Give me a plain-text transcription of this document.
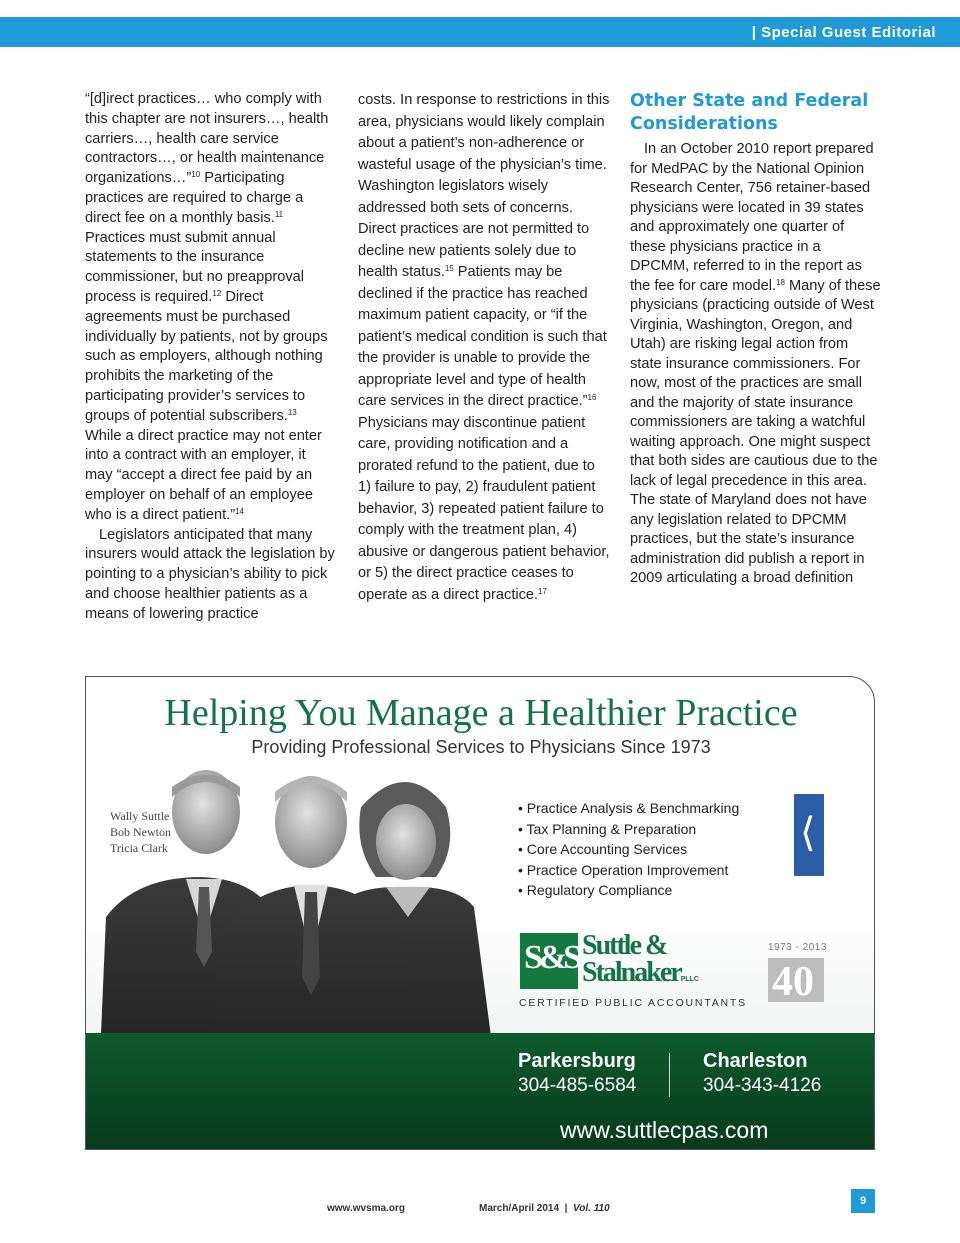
| Special Guest Editorial

“[d]irect practices… who comply with this chapter are not insurers…, health carriers…, health care service contractors…, or health maintenance organizations…”$^{10}$ Participating practices are required to charge a direct fee on a monthly basis.$^{11}$ Practices must submit annual statements to the insurance commissioner, but no preapproval process is required.$^{12}$ Direct agreements must be purchased individually by patients, not by groups such as employers, although nothing prohibits the marketing of the participating provider’s services to groups of potential subscribers.$^{13}$ While a direct practice may not enter into a contract with an employer, it may “accept a direct fee paid by an employer on behalf of an employee who is a direct patient.”$^{14}$

Legislators anticipated that many insurers would attack the legislation by pointing to a physician’s ability to pick and choose healthier patients as a means of lowering practice

costs. In response to restrictions in this area, physicians would likely complain about a patient’s non-adherence or wasteful usage of the physician’s time. Washington legislators wisely addressed both sets of concerns. Direct practices are not permitted to decline new patients solely due to health status.$^{15}$ Patients may be declined if the practice has reached maximum patient capacity, or “if the patient’s medical condition is such that the provider is unable to provide the appropriate level and type of health care services in the direct practice.”$^{16}$ Physicians may discontinue patient care, providing notification and a prorated refund to the patient, due to 1) failure to pay, 2) fraudulent patient behavior, 3) repeated patient failure to comply with the treatment plan, 4) abusive or dangerous patient behavior, or 5) the direct practice ceases to operate as a direct practice.$^{17}$

Other State and Federal Considerations

In an October 2010 report prepared for MedPAC by the National Opinion Research Center, 756 retainer-based physicians were located in 39 states and approximately one quarter of these physicians practice in a DPCMM, referred to in the report as the fee for care model.$^{18}$ Many of these physicians (practicing outside of West Virginia, Washington, Oregon, and Utah) are risking legal action from state insurance commissioners. For now, most of the practices are small and the majority of state insurance commissioners are taking a watchful waiting approach. One might suspect that both sides are cautious due to the lack of legal precedence in this area. The state of Maryland does not have any legislation related to DPCMM practices, but the state’s insurance administration did publish a report in 2009 articulating a broad definition

Helping You Manage a Healthier Practice
Providing Professional Services to Physicians Since 1973
Wally Suttle
Bob Newton
Tricia Clark
• Practice Analysis & Benchmarking
• Tax Planning & Preparation
• Core Accounting Services
• Practice Operation Improvement
• Regulatory Compliance
⟨
S&S Suttle &
StalnakerPLLC
CERTIFIED PUBLIC ACCOUNTANTS
1973 - 2013
40
Parkersburg
304-485-6584
Charleston
304-343-4126
www.suttlecpas.com
www.wvsma.org	March/April 2014 | Vol. 110
9
